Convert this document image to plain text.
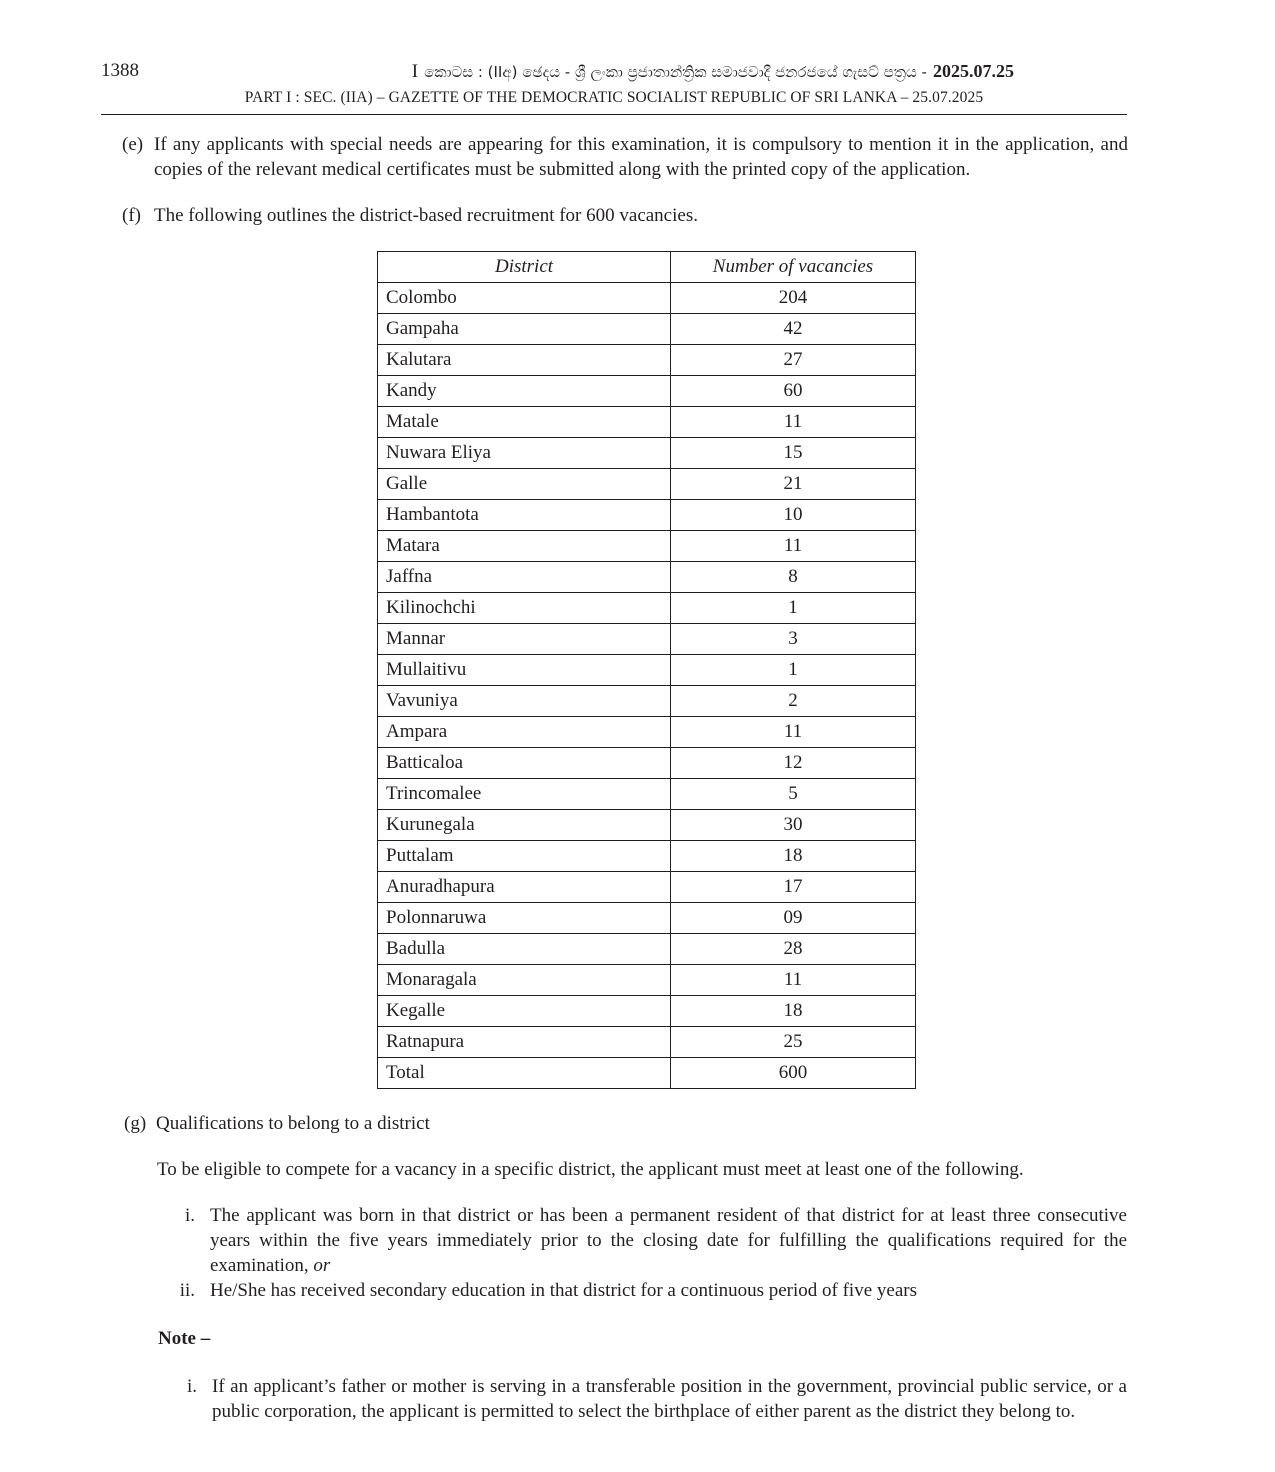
1388	I කොටස : (IIඅ) ඡෙදය - ශ්‍රී ලංකා ප්‍රජාතාන්ත්‍රික සමාජවාදී ජනරජයේ ගැසට් පත්‍රය - 2025.07.25
PART I : SEC. (IIA) – GAZETTE OF THE DEMOCRATIC SOCIALIST REPUBLIC OF SRI LANKA – 25.07.2025
(e) If any applicants with special needs are appearing for this examination, it is compulsory to mention it in the application, and copies of the relevant medical certificates must be submitted along with the printed copy of the application.
(f) The following outlines the district-based recruitment for 600 vacancies.
District	Number of vacancies
Colombo	204
Gampaha	42
Kalutara	27
Kandy	60
Matale	11
Nuwara Eliya	15
Galle	21
Hambantota	10
Matara	11
Jaffna	8
Kilinochchi	1
Mannar	3
Mullaitivu	1
Vavuniya	2
Ampara	11
Batticaloa	12
Trincomalee	5
Kurunegala	30
Puttalam	18
Anuradhapura	17
Polonnaruwa	09
Badulla	28
Monaragala	11
Kegalle	18
Ratnapura	25
Total	600
(g) Qualifications to belong to a district
To be eligible to compete for a vacancy in a specific district, the applicant must meet at least one of the following.
i. The applicant was born in that district or has been a permanent resident of that district for at least three consecutive years within the five years immediately prior to the closing date for fulfilling the qualifications required for the examination, or
ii. He/She has received secondary education in that district for a continuous period of five years
Note –
i. If an applicant’s father or mother is serving in a transferable position in the government, provincial public service, or a public corporation, the applicant is permitted to select the birthplace of either parent as the district they belong to.
